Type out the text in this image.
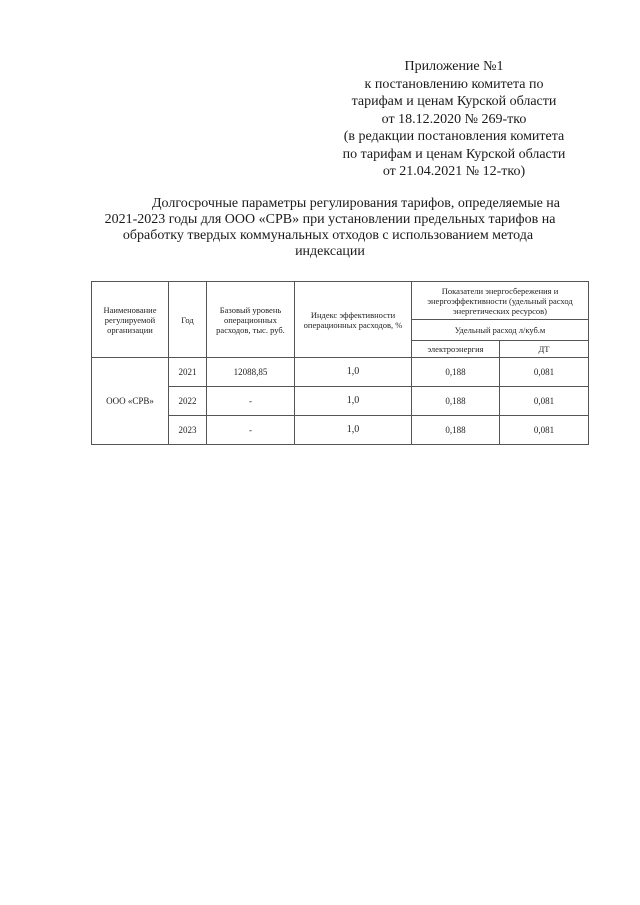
Приложение №1
к постановлению комитета по
тарифам и ценам Курской области
от 18.12.2020 № 269-тко
(в редакции постановления комитета
по тарифам и ценам Курской области
от 21.04.2021 № 12-тко)
Долгосрочные параметры регулирования тарифов, определяемые на
2021-2023 годы для ООО «СРВ» при установлении предельных тарифов на
обработку твердых коммунальных отходов с использованием метода
индексации
Наименование регулируемой организации	Год	Базовый уровень операционных расходов, тыс. руб.	Индекс эффективности операционных расходов, %	Показатели энергосбережения и энергоэффективности (удельный расход энергетических ресурсов)	
				Удельный расход л/куб.м	
				электроэнергия	ДТ
ООО «СРВ»	2021	12088,85	1,0	0,188	0,081
	2022	-	1,0	0,188	0,081
	2023	-	1,0	0,188	0,081
